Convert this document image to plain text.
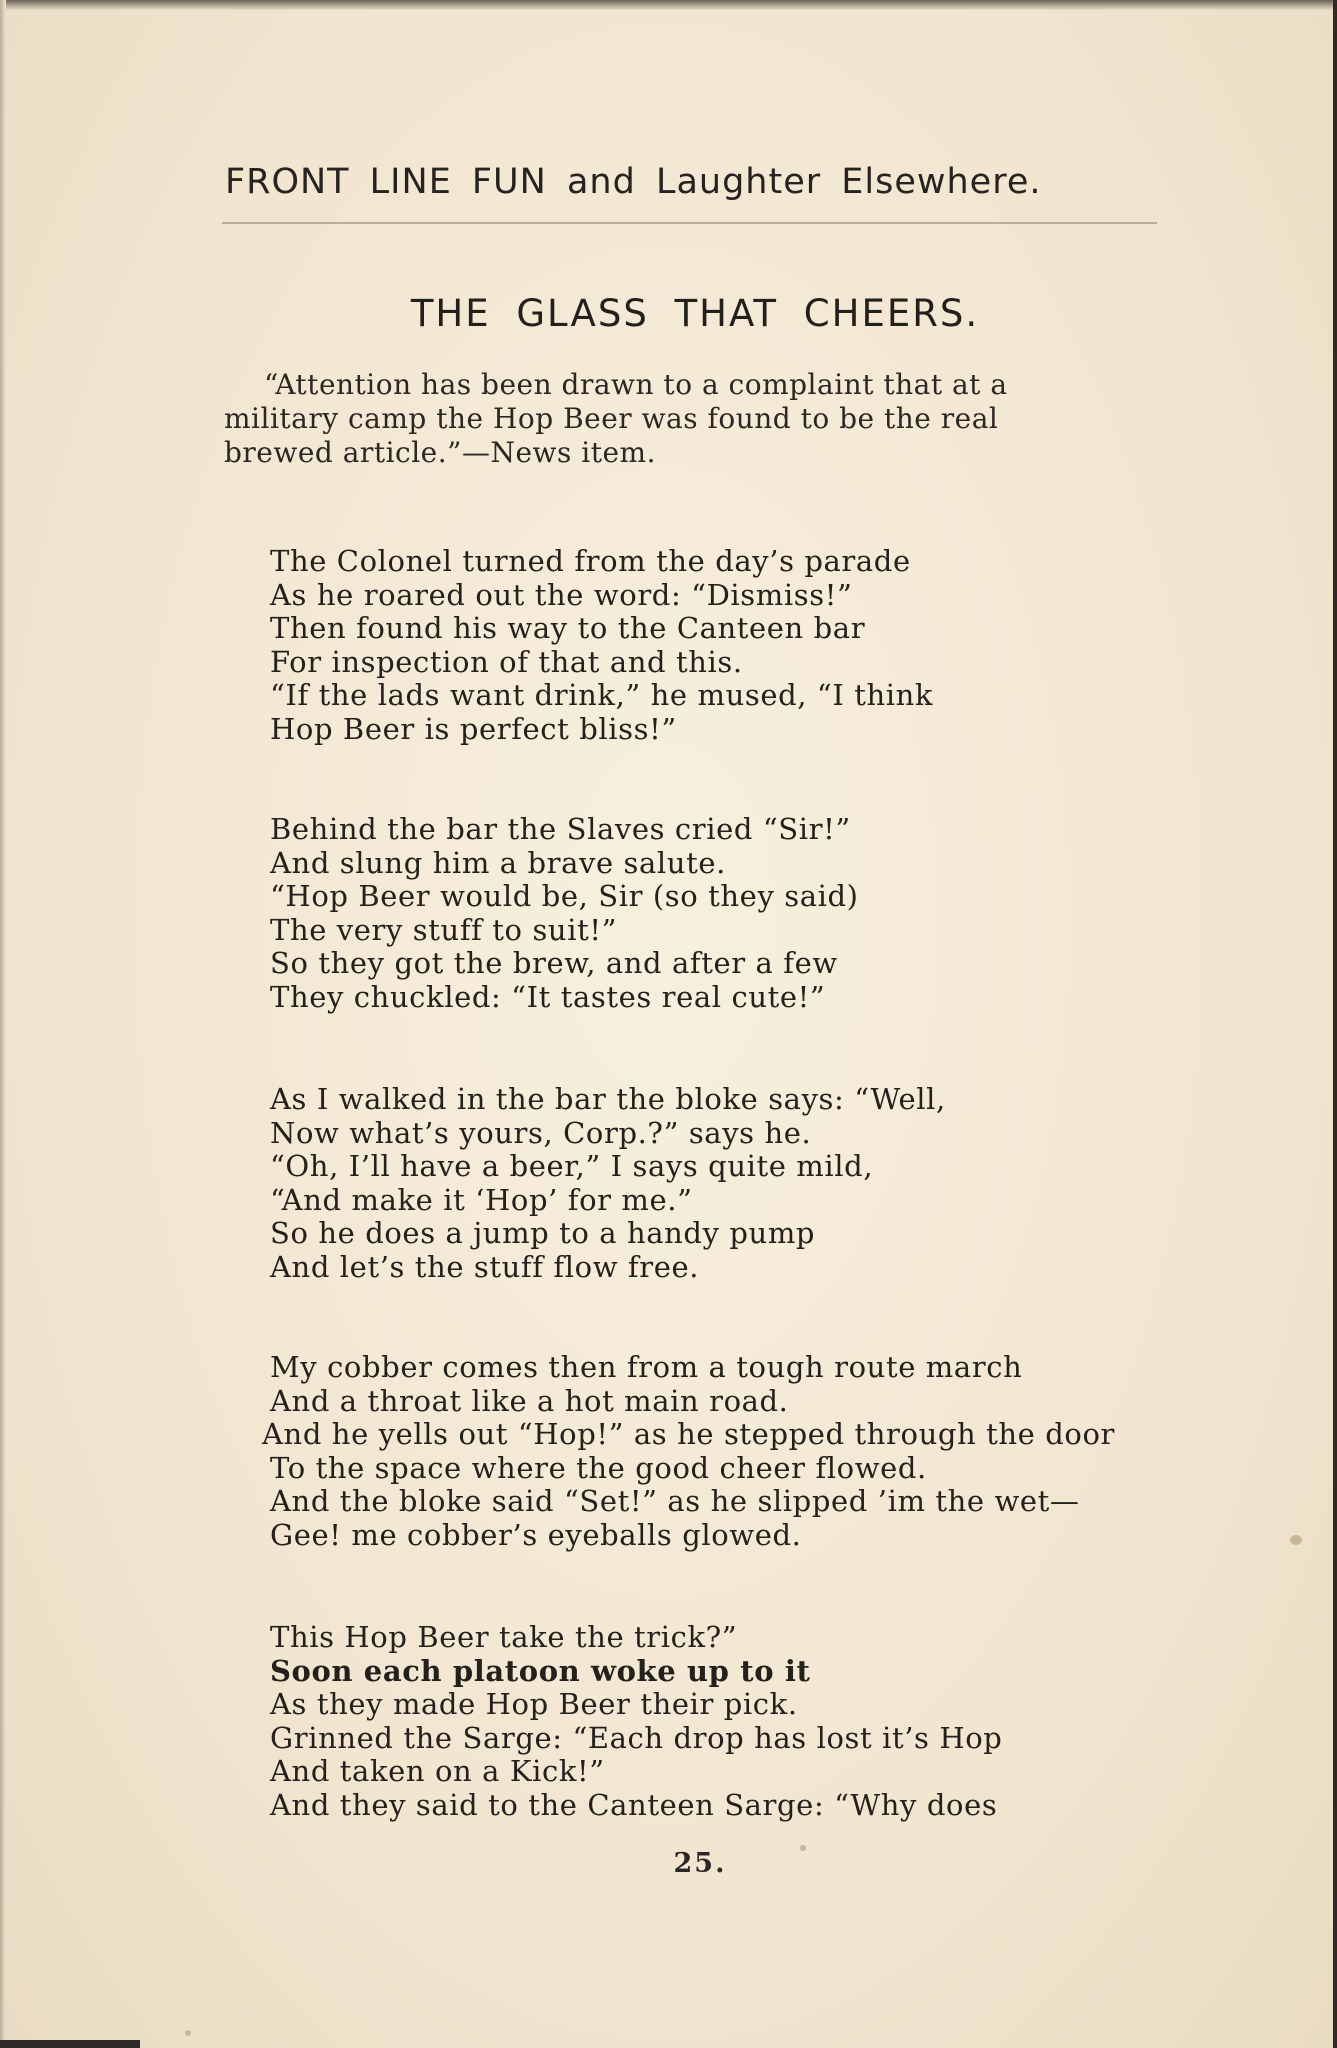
FRONT LINE FUN and Laughter Elsewhere.
THE GLASS THAT CHEERS.
“Attention has been drawn to a complaint that at a
military camp the Hop Beer was found to be the real
brewed article.”—News item.
The Colonel turned from the day’s parade
As he roared out the word: “Dismiss!”
Then found his way to the Canteen bar
For inspection of that and this.
“If the lads want drink,” he mused, “I think
Hop Beer is perfect bliss!”
Behind the bar the Slaves cried “Sir!”
And slung him a brave salute.
“Hop Beer would be, Sir (so they said)
The very stuff to suit!”
So they got the brew, and after a few
They chuckled: “It tastes real cute!”
As I walked in the bar the bloke says: “Well,
Now what’s yours, Corp.?” says he.
“Oh, I’ll have a beer,” I says quite mild,
“And make it ‘Hop’ for me.”
So he does a jump to a handy pump
And let’s the stuff flow free.
My cobber comes then from a tough route march
And a throat like a hot main road.
And he yells out “Hop!” as he stepped through the door
To the space where the good cheer flowed.
And the bloke said “Set!” as he slipped ’im the wet—
Gee! me cobber’s eyeballs glowed.
This Hop Beer take the trick?”
Soon each platoon woke up to it
As they made Hop Beer their pick.
Grinned the Sarge: “Each drop has lost it’s Hop
And taken on a Kick!”
And they said to the Canteen Sarge: “Why does
25.
